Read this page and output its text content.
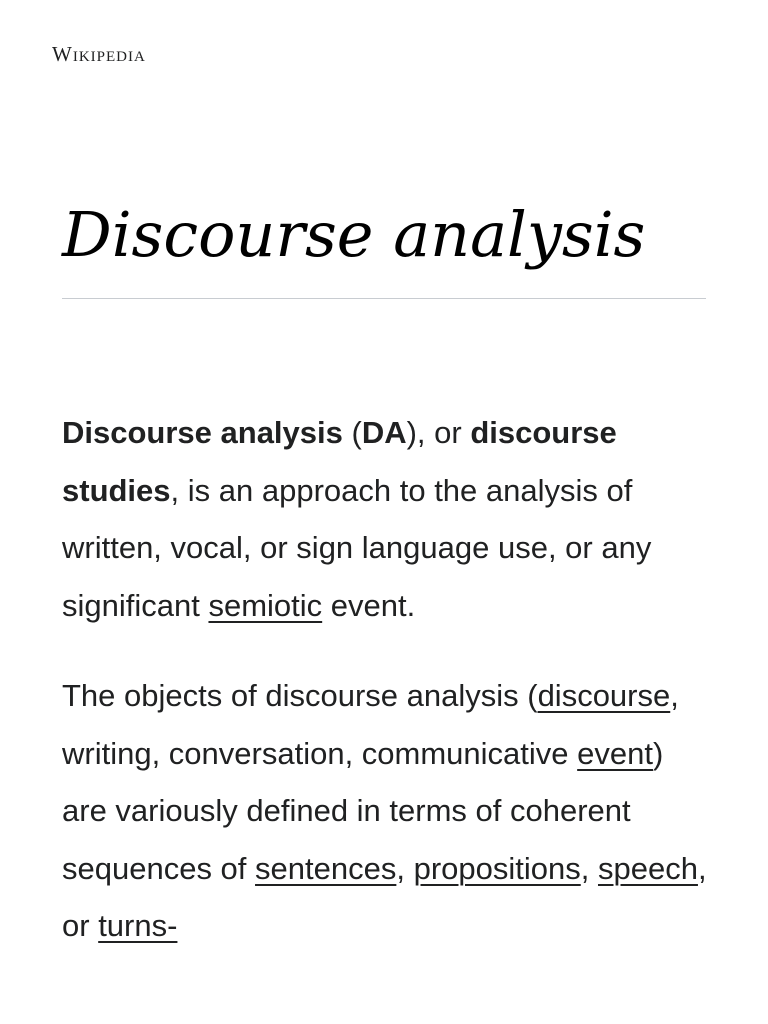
Wikipedia
Discourse analysis

Discourse analysis (DA), or discourse studies, is an approach to the analysis of written, vocal, or sign language use, or any significant semiotic event.

The objects of discourse analysis (discourse, writing, conversation, communicative event) are variously defined in terms of coherent sequences of sentences, propositions, speech, or turns-
